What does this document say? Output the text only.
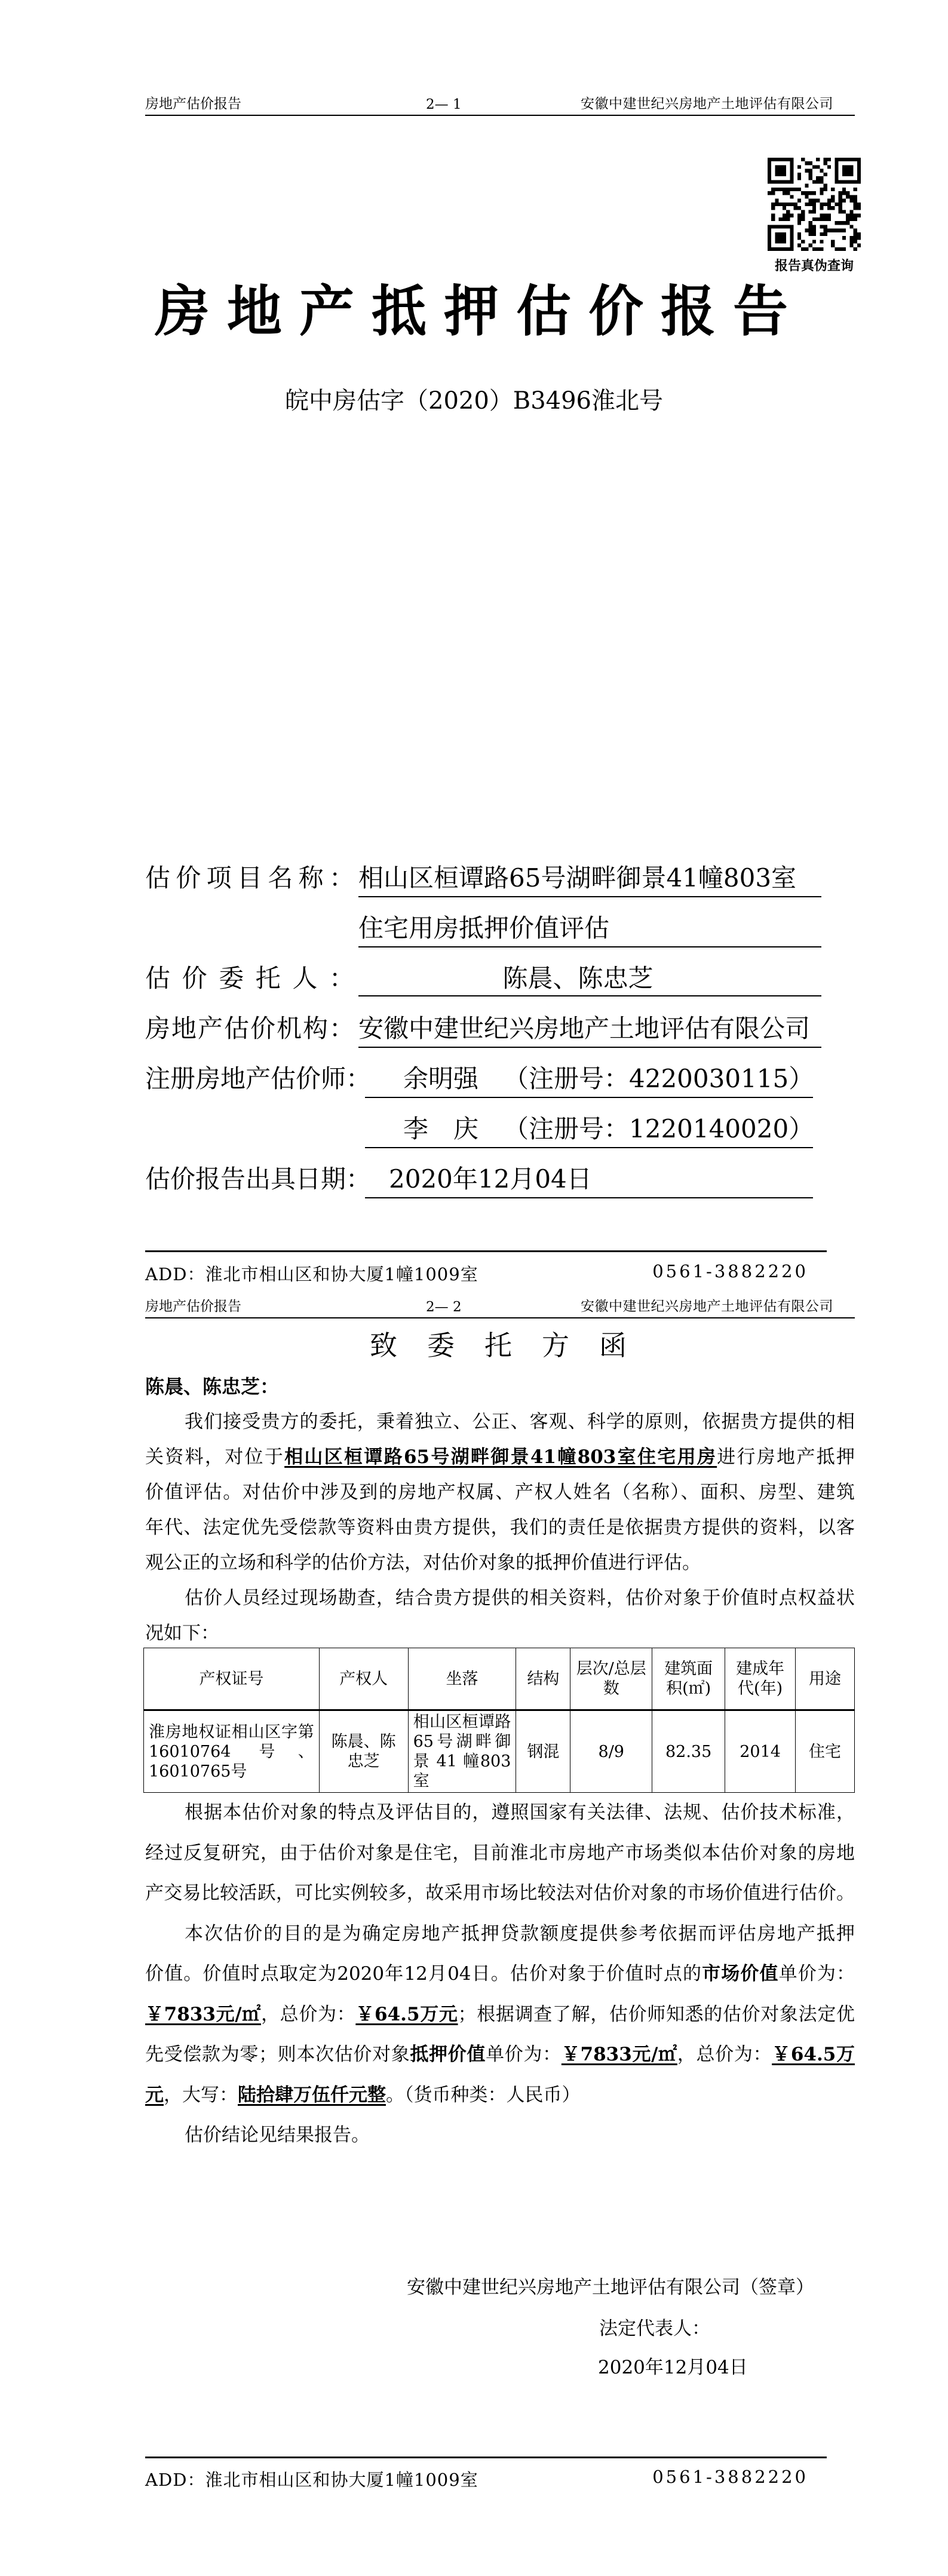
房地产估价报告	2— 1	安徽中建世纪兴房地产土地评估有限公司
报告真伪查询
房地产抵押估价报告
皖中房估字（2020）B3496淮北号
估价项目名称： 相山区桓谭路65号湖畔御景41幢803室
住宅用房抵押价值评估
估价委托人：	陈晨、陈忠芝
房地产估价机构： 安徽中建世纪兴房地产土地评估有限公司
注册房地产估价师： 余明强 （注册号：4220030115）
李　庆 （注册号：1220140020）
估价报告出具日期： 2020年12月04日
ADD：淮北市相山区和协大厦1幢1009室	0561-3882220
房地产估价报告	2— 2	安徽中建世纪兴房地产土地评估有限公司
致委托方函
陈晨、陈忠芝：
我们接受贵方的委托，秉着独立、公正、客观、科学的原则，依据贵方提供的相
关资料，对位于相山区桓谭路65号湖畔御景41幢803室住宅用房进行房地产抵押
价值评估。对估价中涉及到的房地产权属、产权人姓名（名称）、面积、房型、建筑
年代、法定优先受偿款等资料由贵方提供，我们的责任是依据贵方提供的资料，以客
观公正的立场和科学的估价方法，对估价对象的抵押价值进行评估。
估价人员经过现场勘查，结合贵方提供的相关资料，估价对象于价值时点权益状
况如下：
产权证号	产权人	坐落	结构	层次/总层数	建筑面积(㎡)	建成年代(年)	用途
淮房地权证相山区字第 16010764 号、16010765号	陈晨、陈忠芝	相山区桓谭路65号湖畔御景 41 幢803室	钢混	8/9	82.35	2014	住宅
根据本估价对象的特点及评估目的，遵照国家有关法律、法规、估价技术标准，
经过反复研究，由于估价对象是住宅，目前淮北市房地产市场类似本估价对象的房地
产交易比较活跃，可比实例较多，故采用市场比较法对估价对象的市场价值进行估价。
本次估价的目的是为确定房地产抵押贷款额度提供参考依据而评估房地产抵押
价值。价值时点取定为2020年12月04日。估价对象于价值时点的市场价值单价为：
￥7833元/㎡，总价为：￥64.5万元；根据调查了解，估价师知悉的估价对象法定优
先受偿款为零；则本次估价对象抵押价值单价为：￥7833元/㎡，总价为：￥64.5万
元，大写：陆拾肆万伍仟元整。（货币种类：人民币）
估价结论见结果报告。
安徽中建世纪兴房地产土地评估有限公司（签章）
法定代表人：
2020年12月04日
ADD：淮北市相山区和协大厦1幢1009室	0561-3882220
